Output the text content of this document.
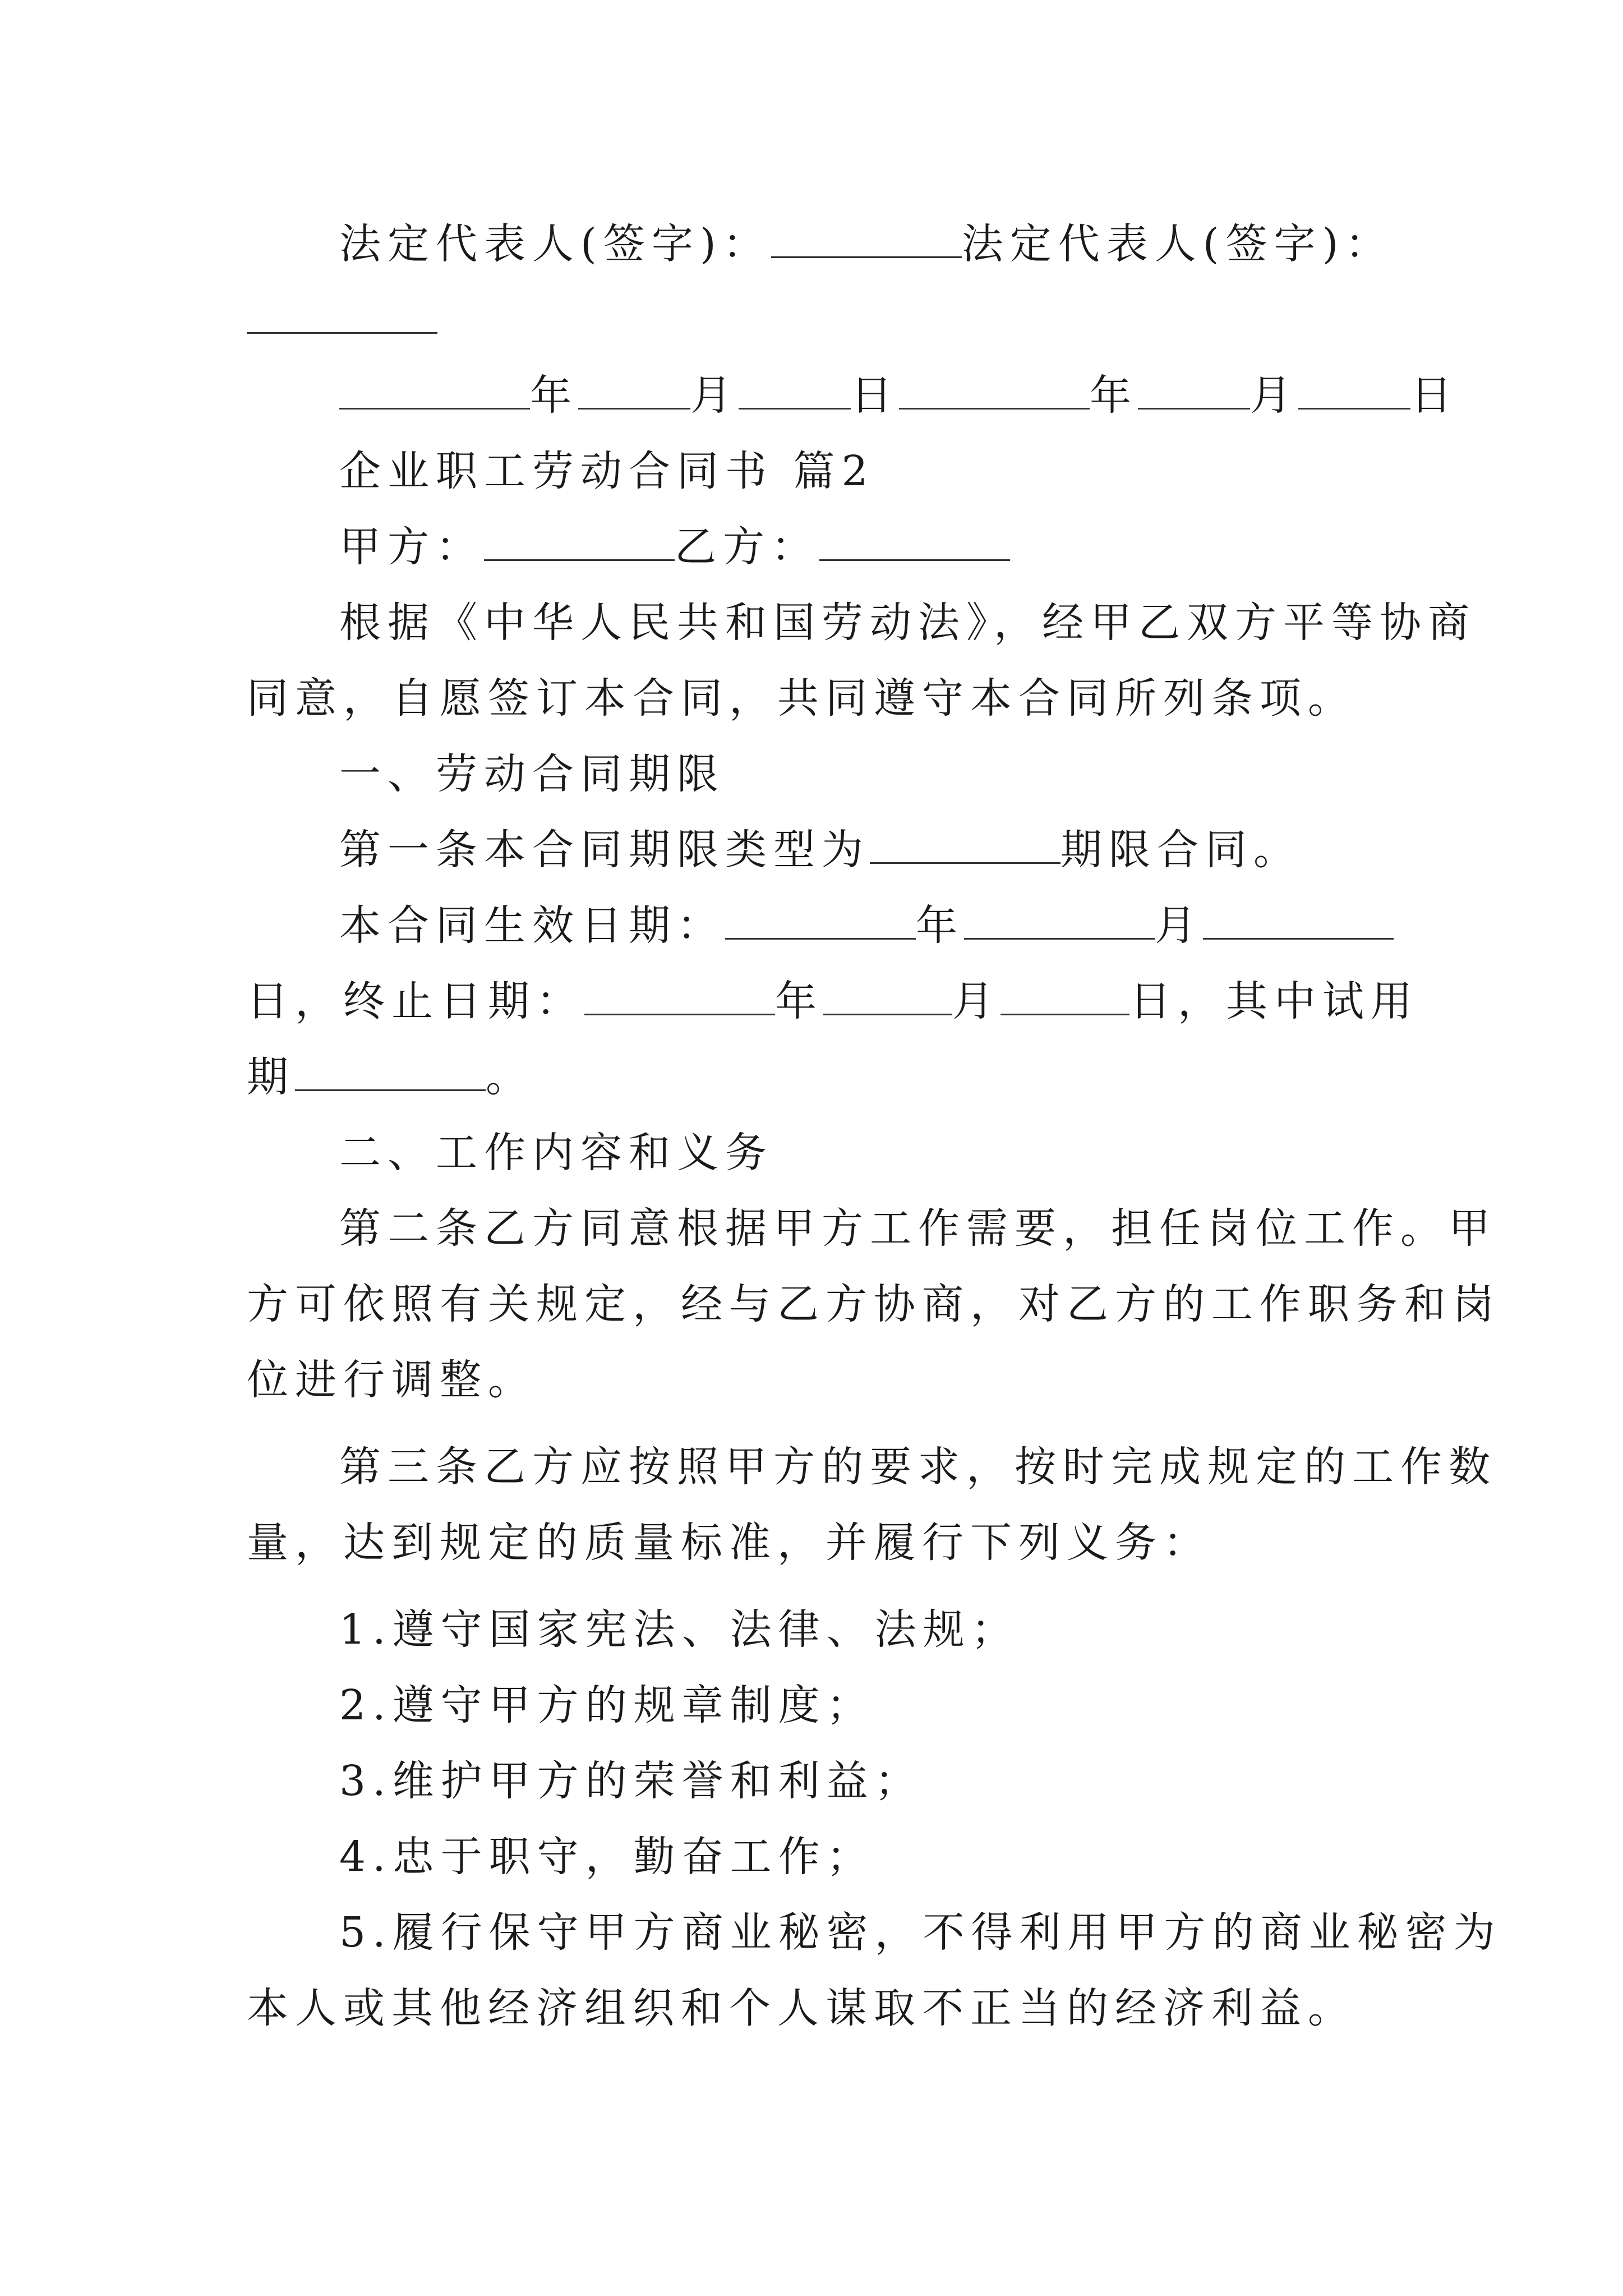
法定代表人(签字)：	法定代表人(签字)：
年	月	日	年	月	日
企业职工劳动合同书 篇2
甲方：	乙方：
根据《中华人民共和国劳动法》，经甲乙双方平等协商
同意，自愿签订本合同，共同遵守本合同所列条项。
一、劳动合同期限
第一条本合同期限类型为	期限合同。
本合同生效日期：	年	月
日，终止日期：	年	月	日，其中试用
期	。
二、工作内容和义务
第二条乙方同意根据甲方工作需要，担任岗位工作。甲
方可依照有关规定，经与乙方协商，对乙方的工作职务和岗
位进行调整。
第三条乙方应按照甲方的要求，按时完成规定的工作数
量，达到规定的质量标准，并履行下列义务：
1.遵守国家宪法、法律、法规；
2.遵守甲方的规章制度；
3.维护甲方的荣誉和利益；
4.忠于职守，勤奋工作；
5.履行保守甲方商业秘密，不得利用甲方的商业秘密为
本人或其他经济组织和个人谋取不正当的经济利益。
